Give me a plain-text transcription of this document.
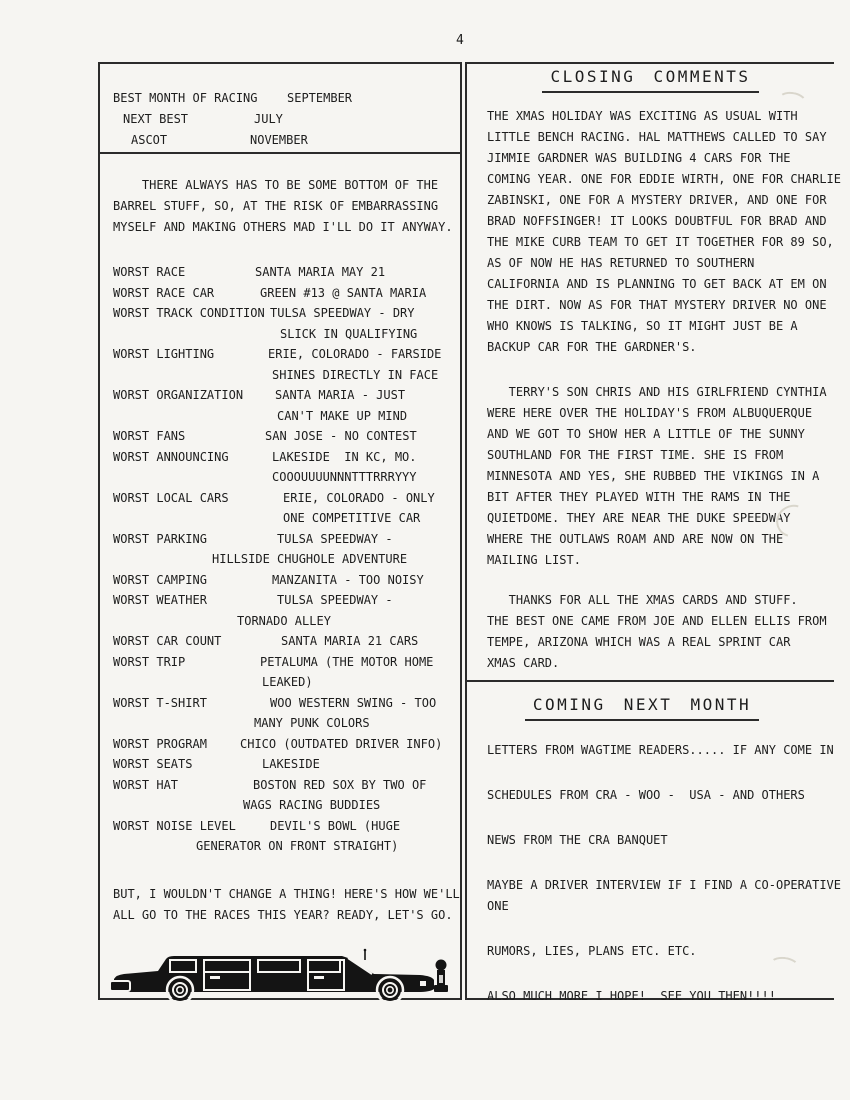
4
BEST MONTH OF RACING SEPTEMBER
NEXT BEST	JULY
ASCOT	NOVEMBER
THERE ALWAYS HAS TO BE SOME BOTTOM OF THE
BARREL STUFF, SO, AT THE RISK OF EMBARRASSING
MYSELF AND MAKING OTHERS MAD I'LL DO IT ANYWAY.
WORST RACE	SANTA MARIA MAY 21
WORST RACE CAR	GREEN #13 @ SANTA MARIA
WORST TRACK CONDITION TULSA SPEEDWAY - DRY
SLICK IN QUALIFYING
WORST LIGHTING	ERIE, COLORADO - FARSIDE
SHINES DIRECTLY IN FACE
WORST ORGANIZATION	SANTA MARIA - JUST
CAN'T MAKE UP MIND
WORST FANS	SAN JOSE - NO CONTEST
WORST ANNOUNCING	LAKESIDE  IN KC, MO.
COOOUUUUNNNTTTRRRYYY
WORST LOCAL CARS	ERIE, COLORADO - ONLY
ONE COMPETITIVE CAR
WORST PARKING	TULSA SPEEDWAY -
HILLSIDE CHUGHOLE ADVENTURE
WORST CAMPING	MANZANITA - TOO NOISY
WORST WEATHER	TULSA SPEEDWAY -
TORNADO ALLEY
WORST CAR COUNT	SANTA MARIA 21 CARS
WORST TRIP	PETALUMA (THE MOTOR HOME
LEAKED)
WORST T-SHIRT	WOO WESTERN SWING - TOO
MANY PUNK COLORS
WORST PROGRAM	CHICO (OUTDATED DRIVER INFO)
WORST SEATS	LAKESIDE
WORST HAT	BOSTON RED SOX BY TWO OF
WAGS RACING BUDDIES
WORST NOISE LEVEL	DEVIL'S BOWL (HUGE
GENERATOR ON FRONT STRAIGHT)
BUT, I WOULDN'T CHANGE A THING! HERE'S HOW WE'LL
ALL GO TO THE RACES THIS YEAR? READY, LET'S GO.
CLOSING COMMENTS
THE XMAS HOLIDAY WAS EXCITING AS USUAL WITH
LITTLE BENCH RACING. HAL MATTHEWS CALLED TO SAY
JIMMIE GARDNER WAS BUILDING 4 CARS FOR THE
COMING YEAR. ONE FOR EDDIE WIRTH, ONE FOR CHARLIE
ZABINSKI, ONE FOR A MYSTERY DRIVER, AND ONE FOR
BRAD NOFFSINGER! IT LOOKS DOUBTFUL FOR BRAD AND
THE MIKE CURB TEAM TO GET IT TOGETHER FOR 89 SO,
AS OF NOW HE HAS RETURNED TO SOUTHERN
CALIFORNIA AND IS PLANNING TO GET BACK AT EM ON
THE DIRT. NOW AS FOR THAT MYSTERY DRIVER NO ONE
WHO KNOWS IS TALKING, SO IT MIGHT JUST BE A
BACKUP CAR FOR THE GARDNER'S.
TERRY'S SON CHRIS AND HIS GIRLFRIEND CYNTHIA
WERE HERE OVER THE HOLIDAY'S FROM ALBUQUERQUE
AND WE GOT TO SHOW HER A LITTLE OF THE SUNNY
SOUTHLAND FOR THE FIRST TIME. SHE IS FROM
MINNESOTA AND YES, SHE RUBBED THE VIKINGS IN A
BIT AFTER THEY PLAYED WITH THE RAMS IN THE
QUIETDOME. THEY ARE NEAR THE DUKE SPEEDWAY
WHERE THE OUTLAWS ROAM AND ARE NOW ON THE
MAILING LIST.
THANKS FOR ALL THE XMAS CARDS AND STUFF.
THE BEST ONE CAME FROM JOE AND ELLEN ELLIS FROM
TEMPE, ARIZONA WHICH WAS A REAL SPRINT CAR
XMAS CARD.
COMING NEXT MONTH
LETTERS FROM WAGTIME READERS..... IF ANY COME IN
SCHEDULES FROM CRA - WOO -  USA - AND OTHERS
NEWS FROM THE CRA BANQUET
MAYBE A DRIVER INTERVIEW IF I FIND A CO-OPERATIVE
ONE
RUMORS, LIES, PLANS ETC. ETC.
ALSO MUCH MORE I HOPE!  SEE YOU THEN!!!!
